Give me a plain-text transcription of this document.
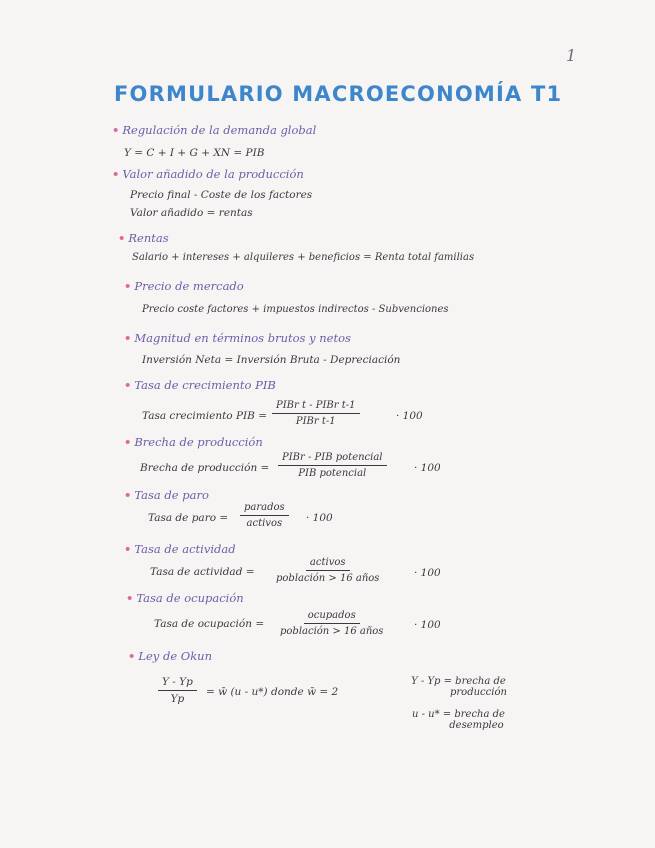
1
FORMULARIO MACROECONOMÍA T1
• Regulación de la demanda global
Y = C + I + G + XN = PIB
• Valor añadido de la producción
Precio final - Coste de los factores
Valor añadido = rentas
• Rentas
Salario + intereses + alquileres + beneficios = Renta total familias
• Precio de mercado
Precio coste factores + impuestos indirectos - Subvenciones
• Magnitud en términos brutos y netos
Inversión Neta = Inversión Bruta - Depreciación
• Tasa de crecimiento PIB
Tasa crecimiento PIB =
PIBr t - PIBr t-1
PIBr t-1	· 100
• Brecha de producción
Brecha de producción =
PIBr - PIB potencial
PIB potencial	· 100
• Tasa de paro
Tasa de paro =
parados
activos	· 100
• Tasa de actividad
Tasa de actividad =
activos
población > 16 años	· 100
• Tasa de ocupación
Tasa de ocupación =
ocupados
población > 16 años
· 100
• Ley de Okun
$\frac{Y - Yp}{Yp}$ = w̄ (u - u*) donde w̄ = 2
Y - Yp = brecha de
producción
u - u* = brecha de
desempleo
